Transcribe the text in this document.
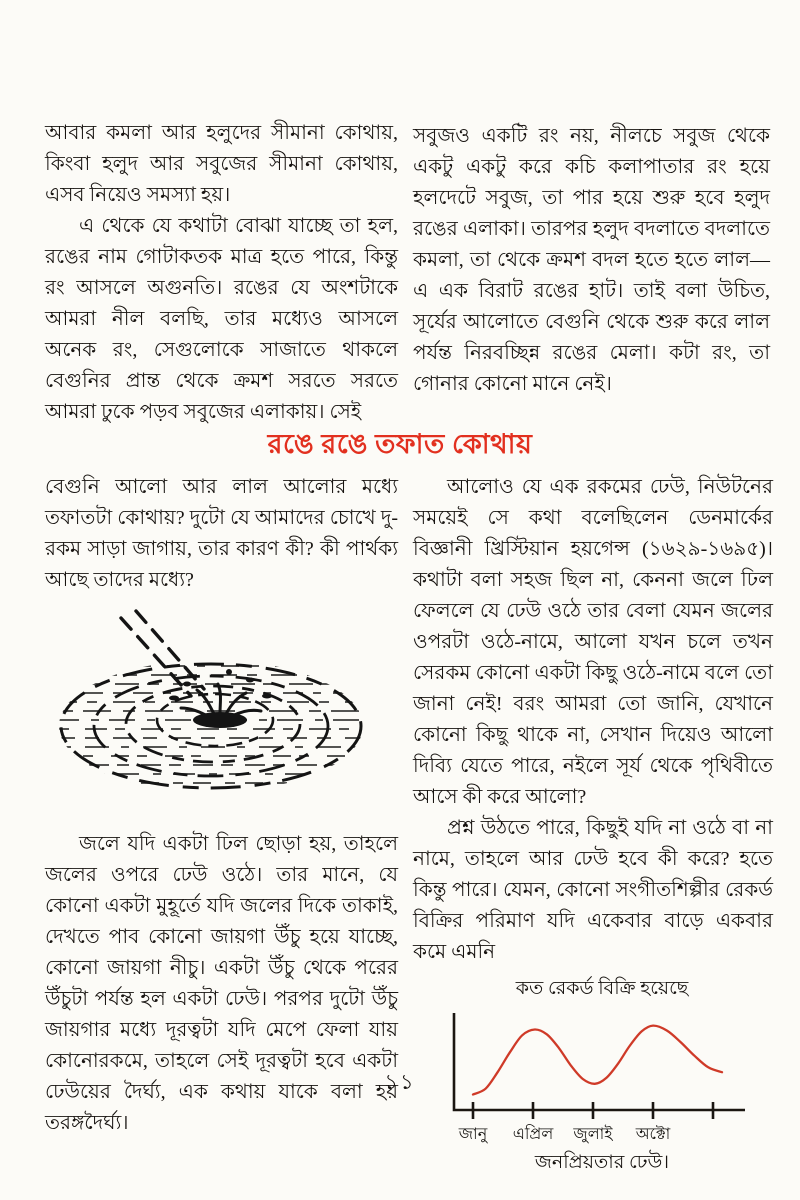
আবার কমলা আর হলুদের সীমানা কোথায়, কিংবা হলুদ আর সবুজের সীমানা কোথায়, এসব নিয়েও সমস্যা হয়।

এ থেকে যে কথাটা বোঝা যাচ্ছে তা হল, রঙের নাম গোটাকতক মাত্র হতে পারে, কিন্তু রং আসলে অগুনতি। রঙের যে অংশটাকে আমরা নীল বলছি, তার মধ্যেও আসলে অনেক রং, সেগুলোকে সাজাতে থাকলে বেগুনির প্রান্ত থেকে ক্রমশ সরতে সরতে আমরা ঢুকে পড়ব সবুজের এলাকায়। সেই

সবুজও একটি রং নয়, নীলচে সবুজ থেকে একটু একটু করে কচি কলাপাতার রং হয়ে হলদেটে সবুজ, তা পার হয়ে শুরু হবে হলুদ রঙের এলাকা। তারপর হলুদ বদলাতে বদলাতে কমলা, তা থেকে ক্রমশ বদল হতে হতে লাল—এ এক বিরাট রঙের হাট। তাই বলা উচিত, সূর্যের আলোতে বেগুনি থেকে শুরু করে লাল পর্যন্ত নিরবচ্ছিন্ন রঙের মেলা। কটা রং, তা গোনার কোনো মানে নেই।

রঙে রঙে তফাত কোথায়

বেগুনি আলো আর লাল আলোর মধ্যে তফাতটা কোথায়? দুটো যে আমাদের চোখে দু-রকম সাড়া জাগায়, তার কারণ কী? কী পার্থক্য আছে তাদের মধ্যে?

জলে যদি একটা ঢিল ছোড়া হয়, তাহলে জলের ওপরে ঢেউ ওঠে। তার মানে, যে কোনো একটা মুহূর্তে যদি জলের দিকে তাকাই, দেখতে পাব কোনো জায়গা উঁচু হয়ে যাচ্ছে, কোনো জায়গা নীচু। একটা উঁচু থেকে পরের উঁচুটা পর্যন্ত হল একটা ঢেউ। পরপর দুটো উঁচু জায়গার মধ্যে দূরত্বটা যদি মেপে ফেলা যায় কোনোরকমে, তাহলে সেই দূরত্বটা হবে একটা ঢেউয়ের দৈর্ঘ্য, এক কথায় যাকে বলা হয় তরঙ্গদৈর্ঘ্য।

আলোও যে এক রকমের ঢেউ, নিউটনের সময়েই সে কথা বলেছিলেন ডেনমার্কের বিজ্ঞানী খ্রিস্টিয়ান হয়গেন্স (১৬২৯-১৬৯৫)। কথাটা বলা সহজ ছিল না, কেননা জলে ঢিল ফেললে যে ঢেউ ওঠে তার বেলা যেমন জলের ওপরটা ওঠে-নামে, আলো যখন চলে তখন সেরকম কোনো একটা কিছু ওঠে-নামে বলে তো জানা নেই! বরং আমরা তো জানি, যেখানে কোনো কিছু থাকে না, সেখান দিয়েও আলো দিব্যি যেতে পারে, নইলে সূর্য থেকে পৃথিবীতে আসে কী করে আলো?

প্রশ্ন উঠতে পারে, কিছুই যদি না ওঠে বা না নামে, তাহলে আর ঢেউ হবে কী করে? হতে কিন্তু পারে। যেমন, কোনো সংগীতশিল্পীর রেকর্ড বিক্রির পরিমাণ যদি একেবার বাড়ে একবার কমে এমনি

কত রেকর্ড বিক্রি হয়েছে
জানু এপ্রিল জুলাই অক্টো
জনপ্রিয়তার ঢেউ।
১১
